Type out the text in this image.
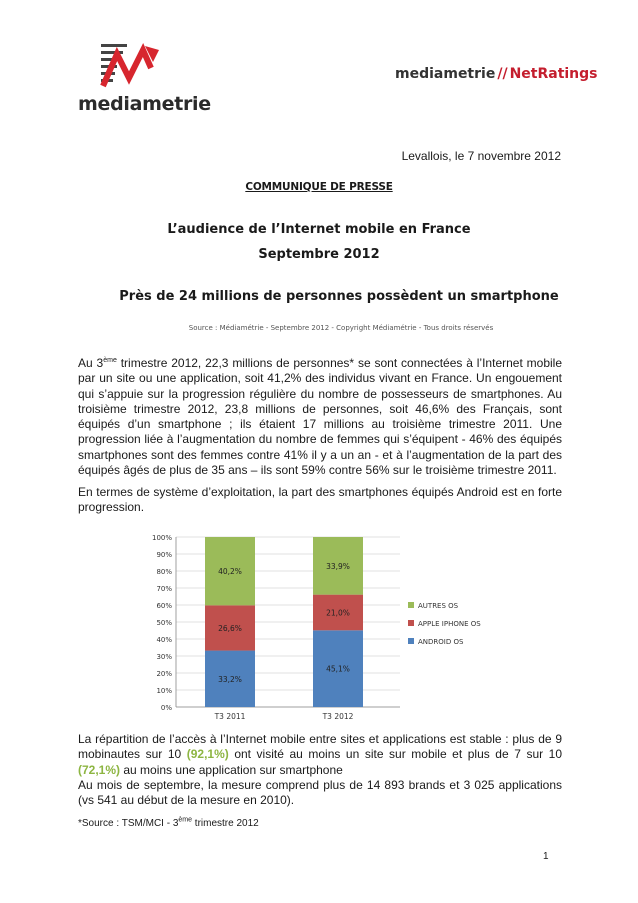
mediametrie
mediametrie // NetRatings
Levallois, le 7 novembre 2012
COMMUNIQUE DE PRESSE
L’audience de l’Internet mobile en France
Septembre 2012
Près de 24 millions de personnes possèdent un smartphone
Source : Médiamétrie - Septembre 2012 - Copyright Médiamétrie - Tous droits réservés
Au 3ème trimestre 2012, 22,3 millions de personnes* se sont connectées à l’Internet mobile par un site ou une application, soit 41,2% des individus vivant en France. Un engouement qui s’appuie sur la progression régulière du nombre de possesseurs de smartphones. Au troisième trimestre 2012, 23,8 millions de personnes, soit 46,6% des Français, sont équipés d’un smartphone ; ils étaient 17 millions au troisième trimestre 2011. Une progression liée à l’augmentation du nombre de femmes qui s’équipent - 46% des équipés smartphones sont des femmes contre 41% il y a un an - et à l’augmentation de la part des équipés âgés de plus de 35 ans – ils sont 59% contre 56% sur le troisième trimestre 2011.
En termes de système d’exploitation, la part des smartphones équipés Android est en forte progression.
33,2%
26,6%
40,2%
45,1%
21,0%
33,9%
0%
10%
20%
30%
40%
50%
60%
70%
80%
90%
100%
T3 2011	T3 2012
AUTRES OS
APPLE IPHONE OS
ANDROID OS
La répartition de l’accès à l’Internet mobile entre sites et applications est stable : plus de 9 mobinautes sur 10 (92,1%) ont visité au moins un site sur mobile et plus de 7 sur 10 (72,1%) au moins une application sur smartphone
Au mois de septembre, la mesure comprend plus de 14 893 brands et 3 025 applications (vs 541 au début de la mesure en 2010).
*Source : TSM/MCI - 3ème trimestre 2012
1
